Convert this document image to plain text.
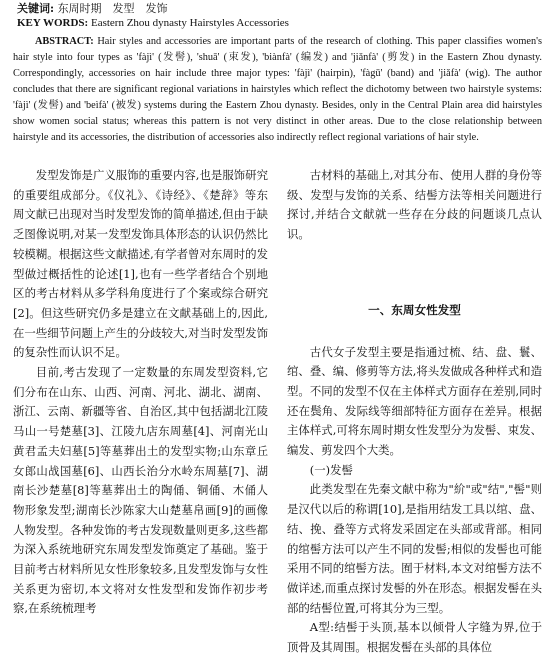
关键词: 东周时期　发型　发饰
KEY WORDS: Eastern Zhou dynasty Hairstyles Accessories

ABSTRACT: Hair styles and accessories are important parts of the research of clothing. This paper classifies women's hair style into four types as 'fàjì' (发髻), 'shuā' (束发), 'biànfà' (编发) and 'jiǎnfà' (剪发) in the Eastern Zhou dynasty. Correspondingly, accessories on hair include three major types: 'fàjì' (hairpin), 'fàgū' (band) and 'jiǎfà' (wig). The author concludes that there are significant regional variations in hairstyles which reflect the dichotomy between two hairstyle systems: 'fàjì' (发髻) and 'beìfà' (被发) systems during the Eastern Zhou dynasty. Besides, only in the Central Plain area did hairstyles show women social status; whereas this pattern is not very distinct in other areas. Due to the close relationship between hairstyle and its accessories, the distribution of accessories also indirectly reflect regional variations of hair style.

发型发饰是广义服饰的重要内容,也是服饰研究的重要组成部分。《仪礼》、《诗经》、《楚辞》等东周文献已出现对当时发型发饰的简单描述,但由于缺乏图像说明,对某一发型发饰具体形态的认识仍然比较模糊。根据这些文献描述,有学者曾对东周时的发型做过概括性的论述[1],也有一些学者结合个别地区的考古材料从多学科角度进行了个案或综合研究[2]。但这些研究仍多是建立在文献基础上的,因此,在一些细节问题上产生的分歧较大,对当时发型发饰的复杂性而认识不足。

目前,考古发现了一定数量的东周发型资料,它们分布在山东、山西、河南、河北、湖北、湖南、浙江、云南、新疆等省、自治区,其中包括湖北江陵马山一号楚墓[3]、江陵九店东周墓[4]、河南光山黄君孟夫妇墓[5]等墓葬出土的发型实物;山东章丘女郎山战国墓[6]、山西长治分水岭东周墓[7]、湖南长沙楚墓[8]等墓葬出土的陶俑、铜俑、木俑人物形象发型;湖南长沙陈家大山楚墓帛画[9]的画像人物发型。各种发饰的考古发现数量则更多,这些都为深入系统地研究东周发型发饰奠定了基础。鉴于目前考古材料所见女性形象较多,且发型发饰与女性关系更为密切,本文将对女性发型和发饰作初步考察,在系统梳理考

古材料的基础上,对其分布、使用人群的身份等级、发型与发饰的关系、结髻方法等相关问题进行探讨,并结合文献就一些存在分歧的问题谈几点认识。

一、东周女性发型

古代女子发型主要是指通过梳、结、盘、鬟、绾、叠、编、修剪等方法,将头发做成各种样式和造型。不同的发型不仅在主体样式方面存在差别,同时还在鬓角、发际线等细部特征方面存在差异。根据主体样式,可将东周时期女性发型分为发髻、束发、编发、剪发四个大类。

(一)发髻

此类发型在先秦文献中称为"紒"或"结","髻"则是汉代以后的称谓[10],是指用结发工具以绾、盘、结、挽、叠等方式将发采固定在头部或背部。相同的绾髻方法可以产生不同的发髻;相似的发髻也可能采用不同的绾髻方法。囿于材料,本文对绾髻方法不做详述,而重点探讨发髻的外在形态。根据发髻在头部的结髻位置,可将其分为三型。

A型:结髻于头顶,基本以倾骨人字缝为界,位于顶骨及其周围。根据发髻在头部的具体位
